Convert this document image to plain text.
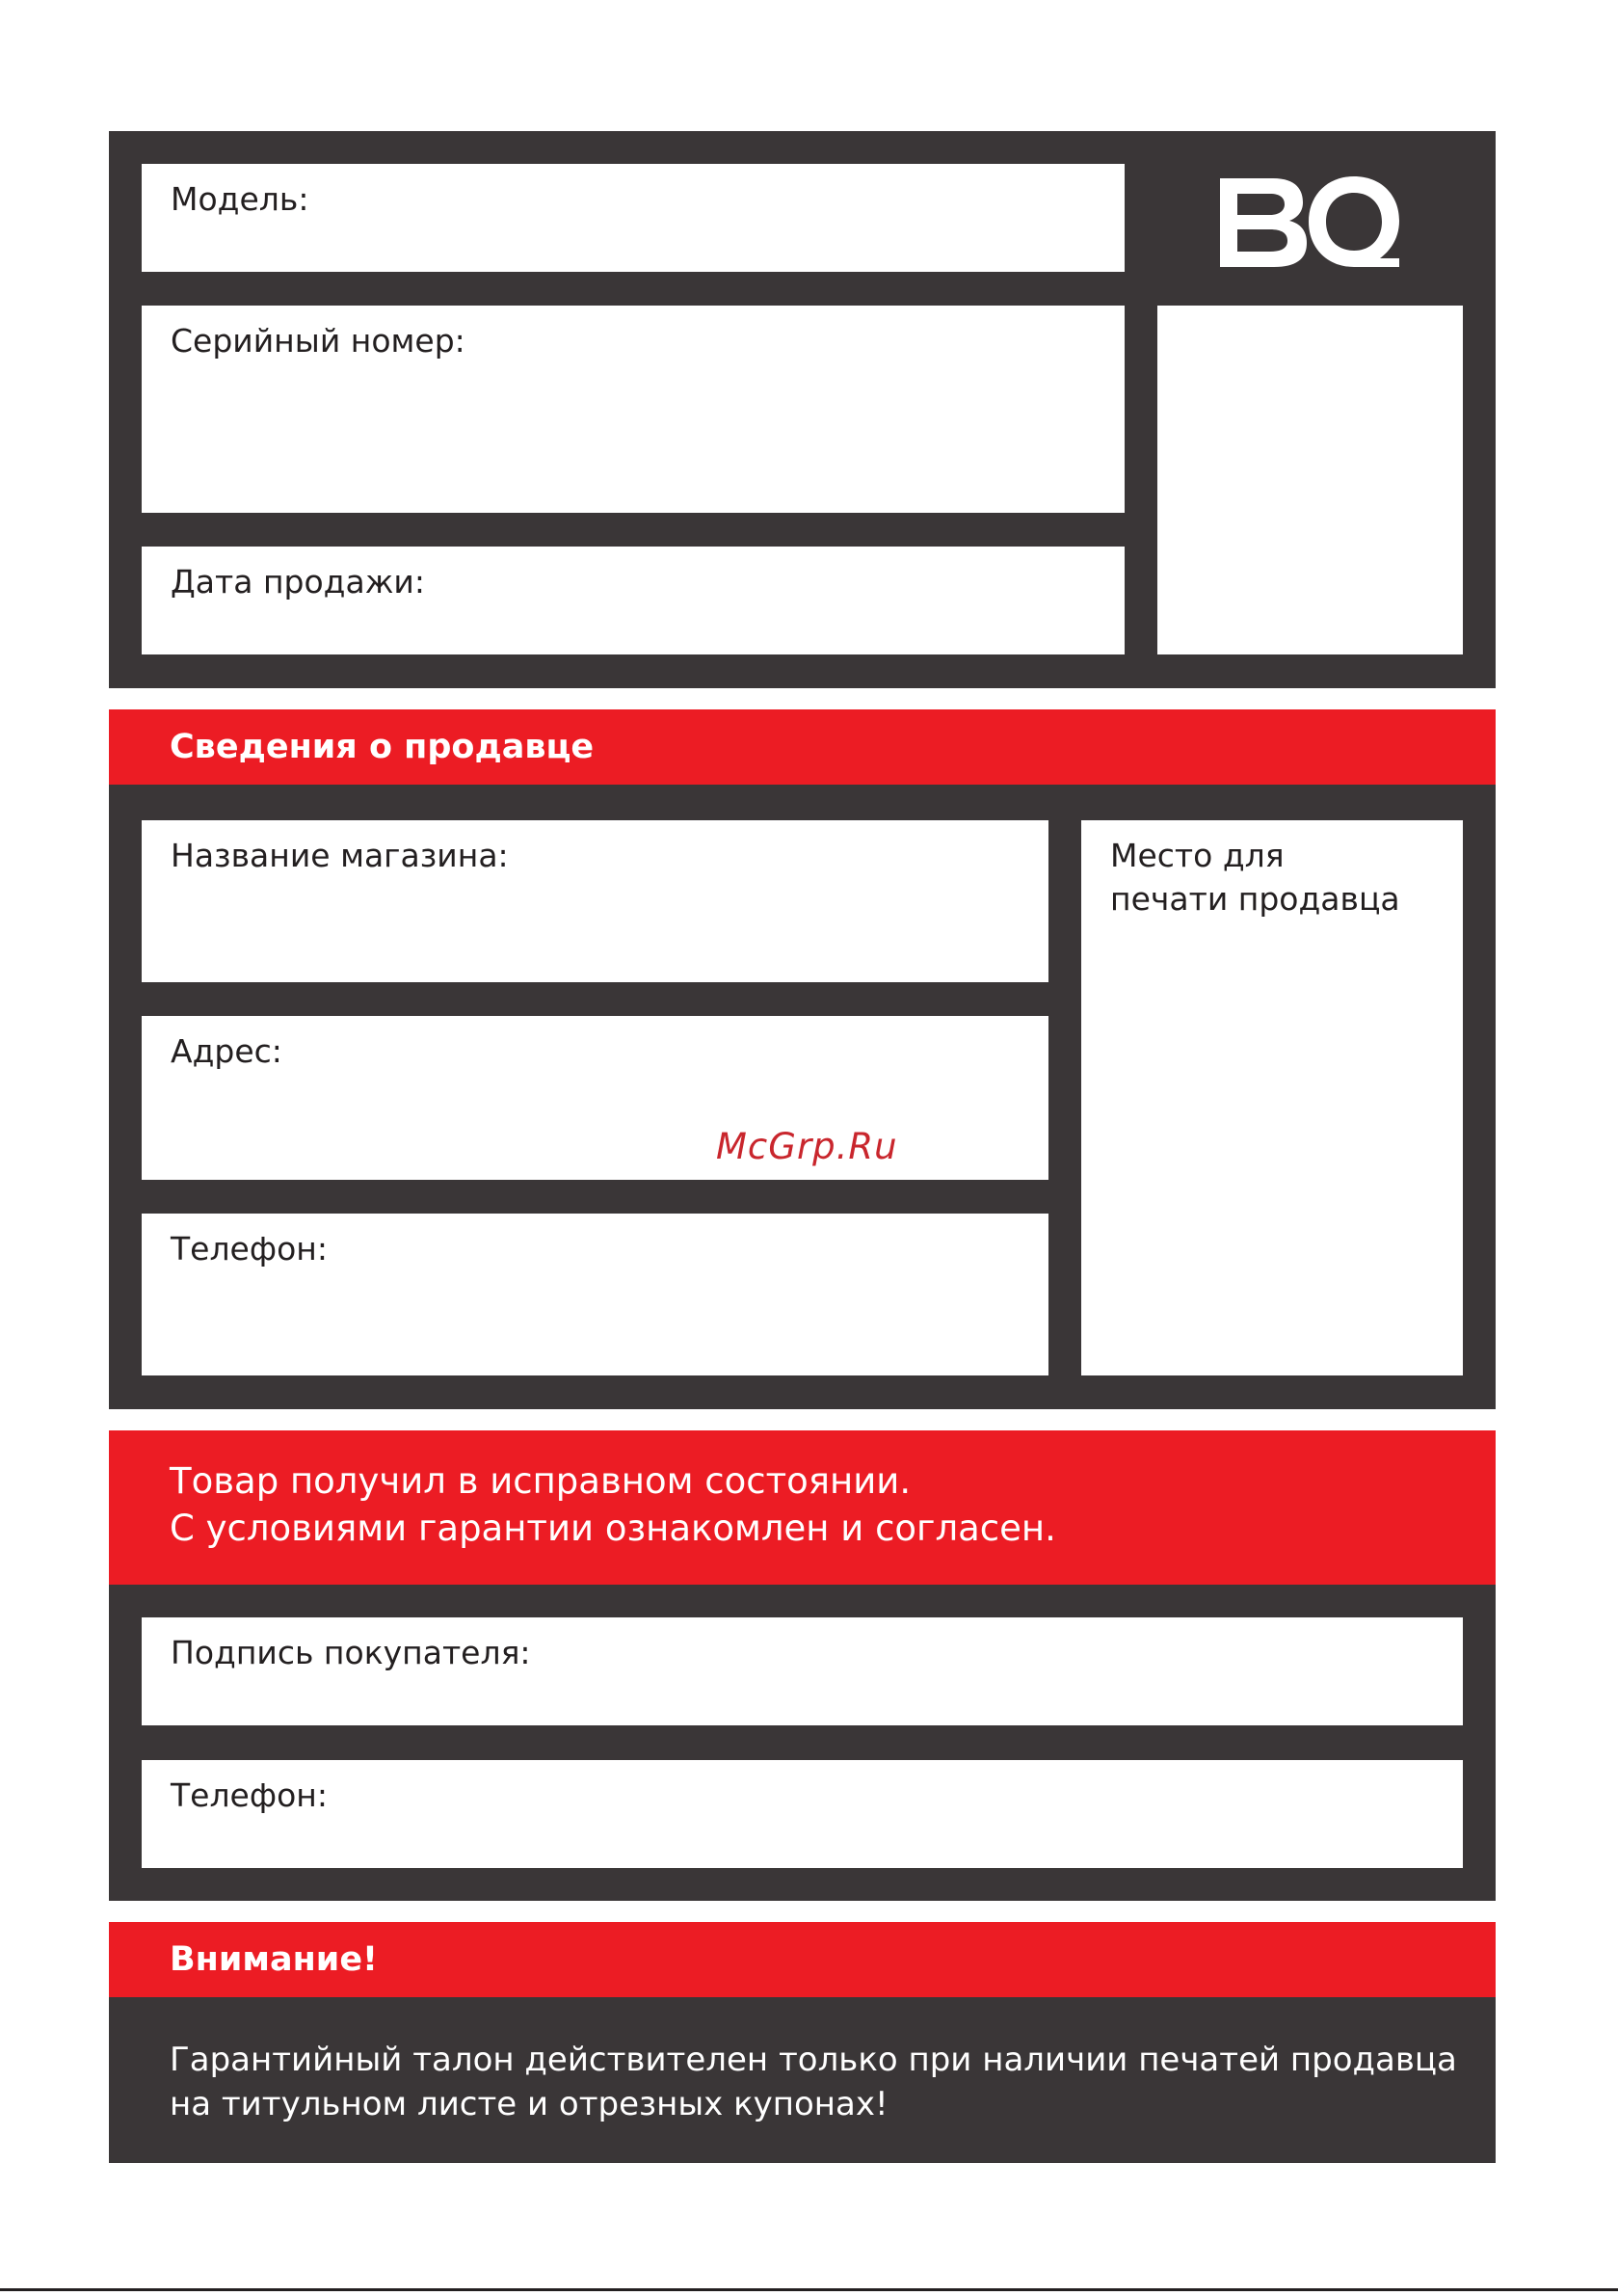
Модель:
Серийный номер:
Дата продажи:
Сведения о продавце
Название магазина:
Адрес:
Телефон:
Место для
печати продавца
McGrp.Ru
Товар получил в исправном состоянии.
С условиями гарантии ознакомлен и согласен.
Подпись покупателя:
Телефон:
Внимание!
Гарантийный талон действителен только при наличии печатей продавца
на титульном листе и отрезных купонах!
